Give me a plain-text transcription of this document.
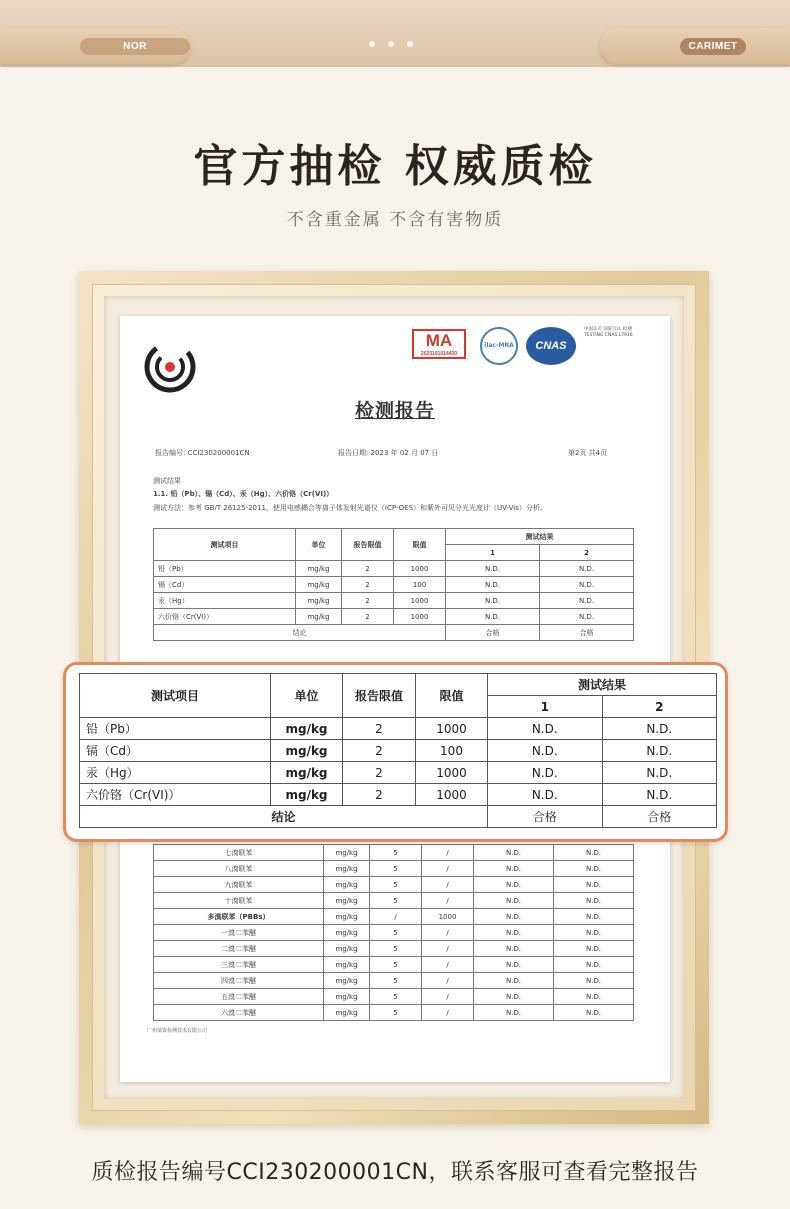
NOR	CARIMET
官方抽检 权威质检
不含重金属 不含有害物质
MA
2023191014430
ilac-MRA	CNAS
中国认可 国际互认 检测 TESTING CNAS L7916
检测报告
报告编号: CCI230200001CN	报告日期: 2023 年 02 月 07 日	第2页 共4页
测试结果
1.1. 铅（Pb）、镉（Cd）、汞（Hg）、六价铬（Cr(VI)）
测试方法：参考 GB/T 26125-2011，使用电感耦合等离子体发射光谱仪（ICP-OES）和紫外可见分光光度计（UV-Vis）分析。
测试项目	单位	报告限值	限值	测试结果	
				1	2
铅（Pb）	mg/kg	2	1000	N.D.	N.D.
镉（Cd）	mg/kg	2	100	N.D.	N.D.
汞（Hg）	mg/kg	2	1000	N.D.	N.D.
六价铬（Cr(VI)）	mg/kg	2	1000	N.D.	N.D.
结论				合格	合格
七溴联苯	mg/kg	5	/	N.D.	N.D.
八溴联苯	mg/kg	5	/	N.D.	N.D.
九溴联苯	mg/kg	5	/	N.D.	N.D.
十溴联苯	mg/kg	5	/	N.D.	N.D.
多溴联苯（PBBs）	mg/kg	/	1000	N.D.	N.D.
一溴二苯醚	mg/kg	5	/	N.D.	N.D.
二溴二苯醚	mg/kg	5	/	N.D.	N.D.
三溴二苯醚	mg/kg	5	/	N.D.	N.D.
四溴二苯醚	mg/kg	5	/	N.D.	N.D.
五溴二苯醚	mg/kg	5	/	N.D.	N.D.
六溴二苯醚	mg/kg	5	/	N.D.	N.D.
广州瑞泰检测技术有限公司
测试项目	单位	报告限值	限值	测试结果	
				1	2
铅（Pb）	mg/kg	2	1000	N.D.	N.D.
镉（Cd）	mg/kg	2	100	N.D.	N.D.
汞（Hg）	mg/kg	2	1000	N.D.	N.D.
六价铬（Cr(VI)）	mg/kg	2	1000	N.D.	N.D.
结论				合格	合格
质检报告编号CCI230200001CN，联系客服可查看完整报告
